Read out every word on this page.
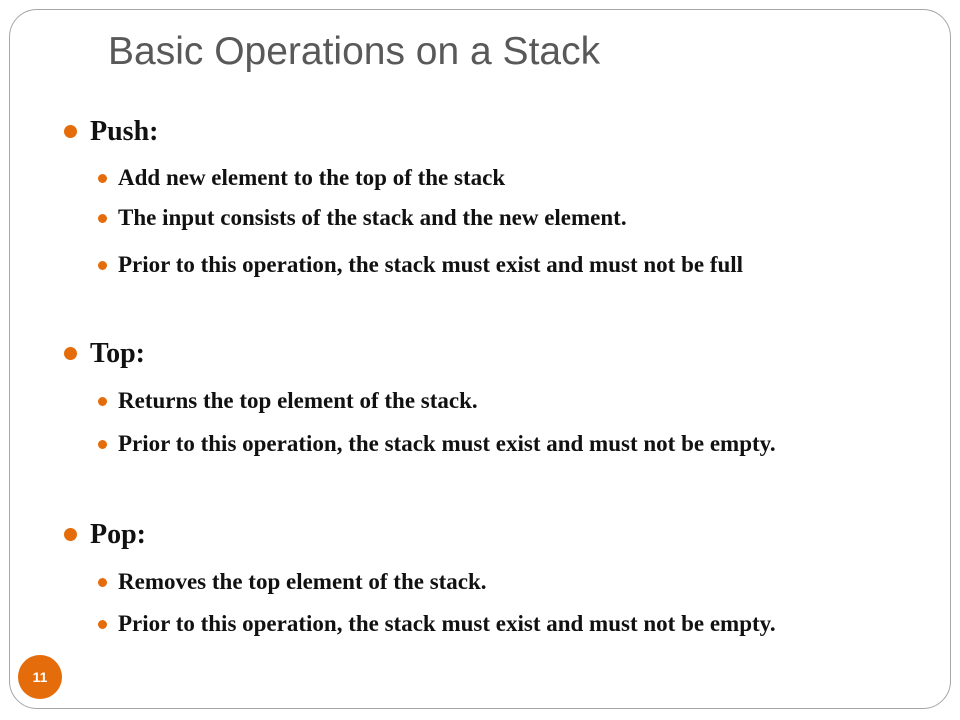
Basic Operations on a Stack
Push:
Add new element to the top of the stack
The input consists of the stack and the new element.
Prior to this operation, the stack must exist and must not be full
Top:
Returns the top element of the stack.
Prior to this operation, the stack must exist and must not be empty.
Pop:
Removes the top element of the stack.
Prior to this operation, the stack must exist and must not be empty.
11
